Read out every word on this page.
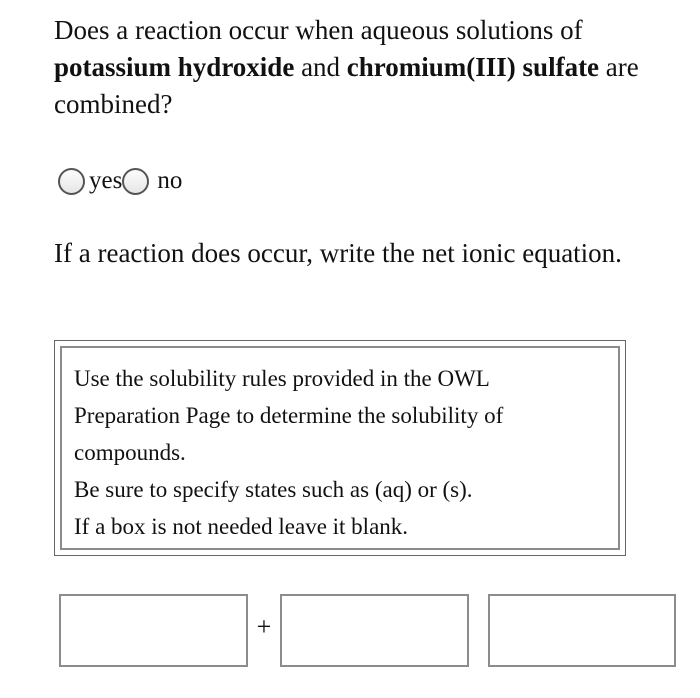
Does a reaction occur when aqueous solutions of potassium hydroxide and chromium(III) sulfate are combined?

yes no

If a reaction does occur, write the net ionic equation.

Use the solubility rules provided in the OWL
Preparation Page to determine the solubility of
compounds.
Be sure to specify states such as (aq) or (s).
If a box is not needed leave it blank.
+
